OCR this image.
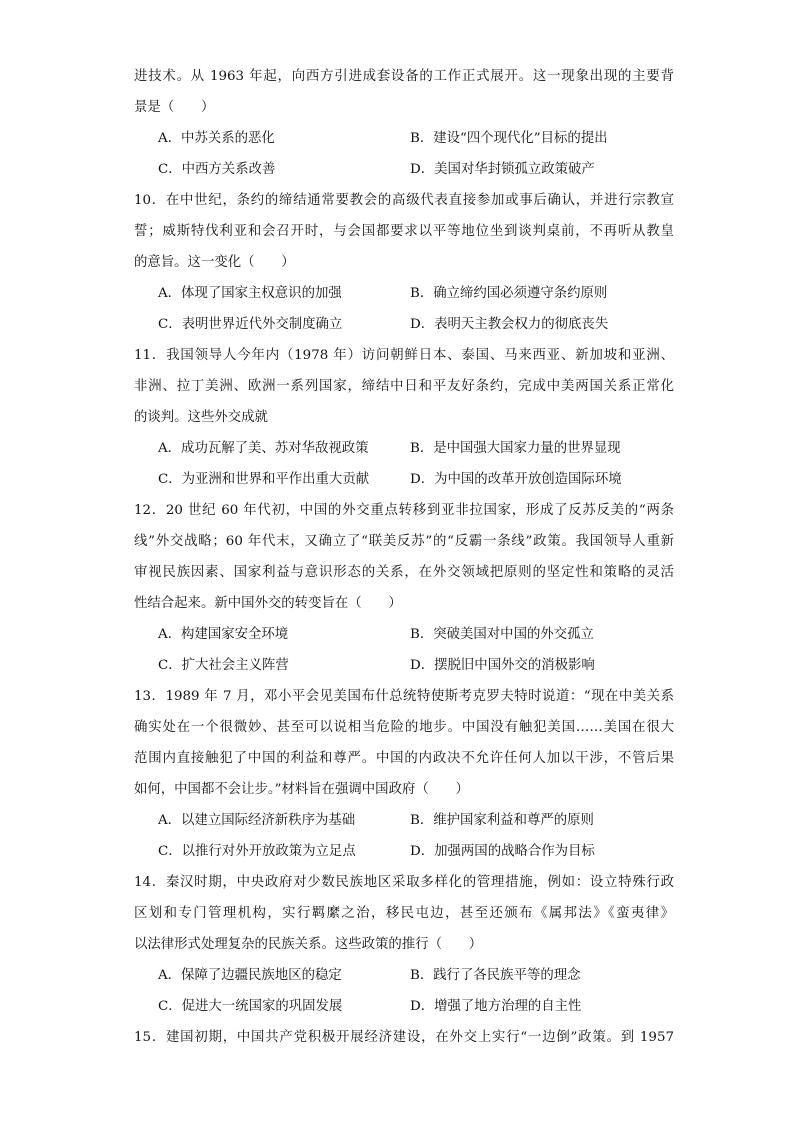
进技术。从 1963 年起，向西方引进成套设备的工作正式展开。这一现象出现的主要背
景是（　　）
A．中苏关系的恶化	B．建设“四个现代化”目标的提出
C．中西方关系改善	D．美国对华封锁孤立政策破产
10．在中世纪，条约的缔结通常要教会的高级代表直接参加或事后确认，并进行宗教宣
誓；威斯特伐利亚和会召开时，与会国都要求以平等地位坐到谈判桌前，不再听从教皇
的意旨。这一变化（　　）
A．体现了国家主权意识的加强	B．确立缔约国必须遵守条约原则
C．表明世界近代外交制度确立	D．表明天主教会权力的彻底丧失
11．我国领导人今年内（1978 年）访问朝鲜日本、泰国、马来西亚、新加坡和亚洲、
非洲、拉丁美洲、欧洲一系列国家，缔结中日和平友好条约，完成中美两国关系正常化
的谈判。这些外交成就
A．成功瓦解了美、苏对华敌视政策	B．是中国强大国家力量的世界显现
C．为亚洲和世界和平作出重大贡献	D．为中国的改革开放创造国际环境
12．20 世纪 60 年代初，中国的外交重点转移到亚非拉国家，形成了反苏反美的“两条
线”外交战略；60 年代末，又确立了“联美反苏”的“反霸一条线”政策。我国领导人重新
审视民族因素、国家利益与意识形态的关系，在外交领域把原则的坚定性和策略的灵活
性结合起来。新中国外交的转变旨在（　　）
A．构建国家安全环境	B．突破美国对中国的外交孤立
C．扩大社会主义阵营	D．摆脱旧中国外交的消极影响
13．1989 年 7 月，邓小平会见美国布什总统特使斯考克罗夫特时说道：“现在中美关系
确实处在一个很微妙、甚至可以说相当危险的地步。中国没有触犯美国……美国在很大
范围内直接触犯了中国的利益和尊严。中国的内政决不允许任何人加以干涉，不管后果
如何，中国都不会让步。”材料旨在强调中国政府（　　）
A．以建立国际经济新秩序为基础	B．维护国家利益和尊严的原则
C．以推行对外开放政策为立足点	D．加强两国的战略合作为目标
14．秦汉时期，中央政府对少数民族地区采取多样化的管理措施，例如：设立特殊行政
区划和专门管理机构，实行羁縻之治，移民屯边，甚至还颁布《属邦法》《蛮夷律》
以法律形式处理复杂的民族关系。这些政策的推行（　　）
A．保障了边疆民族地区的稳定	B．践行了各民族平等的理念
C．促进大一统国家的巩固发展	D．增强了地方治理的自主性
15．建国初期，中国共产党积极开展经济建设，在外交上实行“一边倒”政策。到 1957
